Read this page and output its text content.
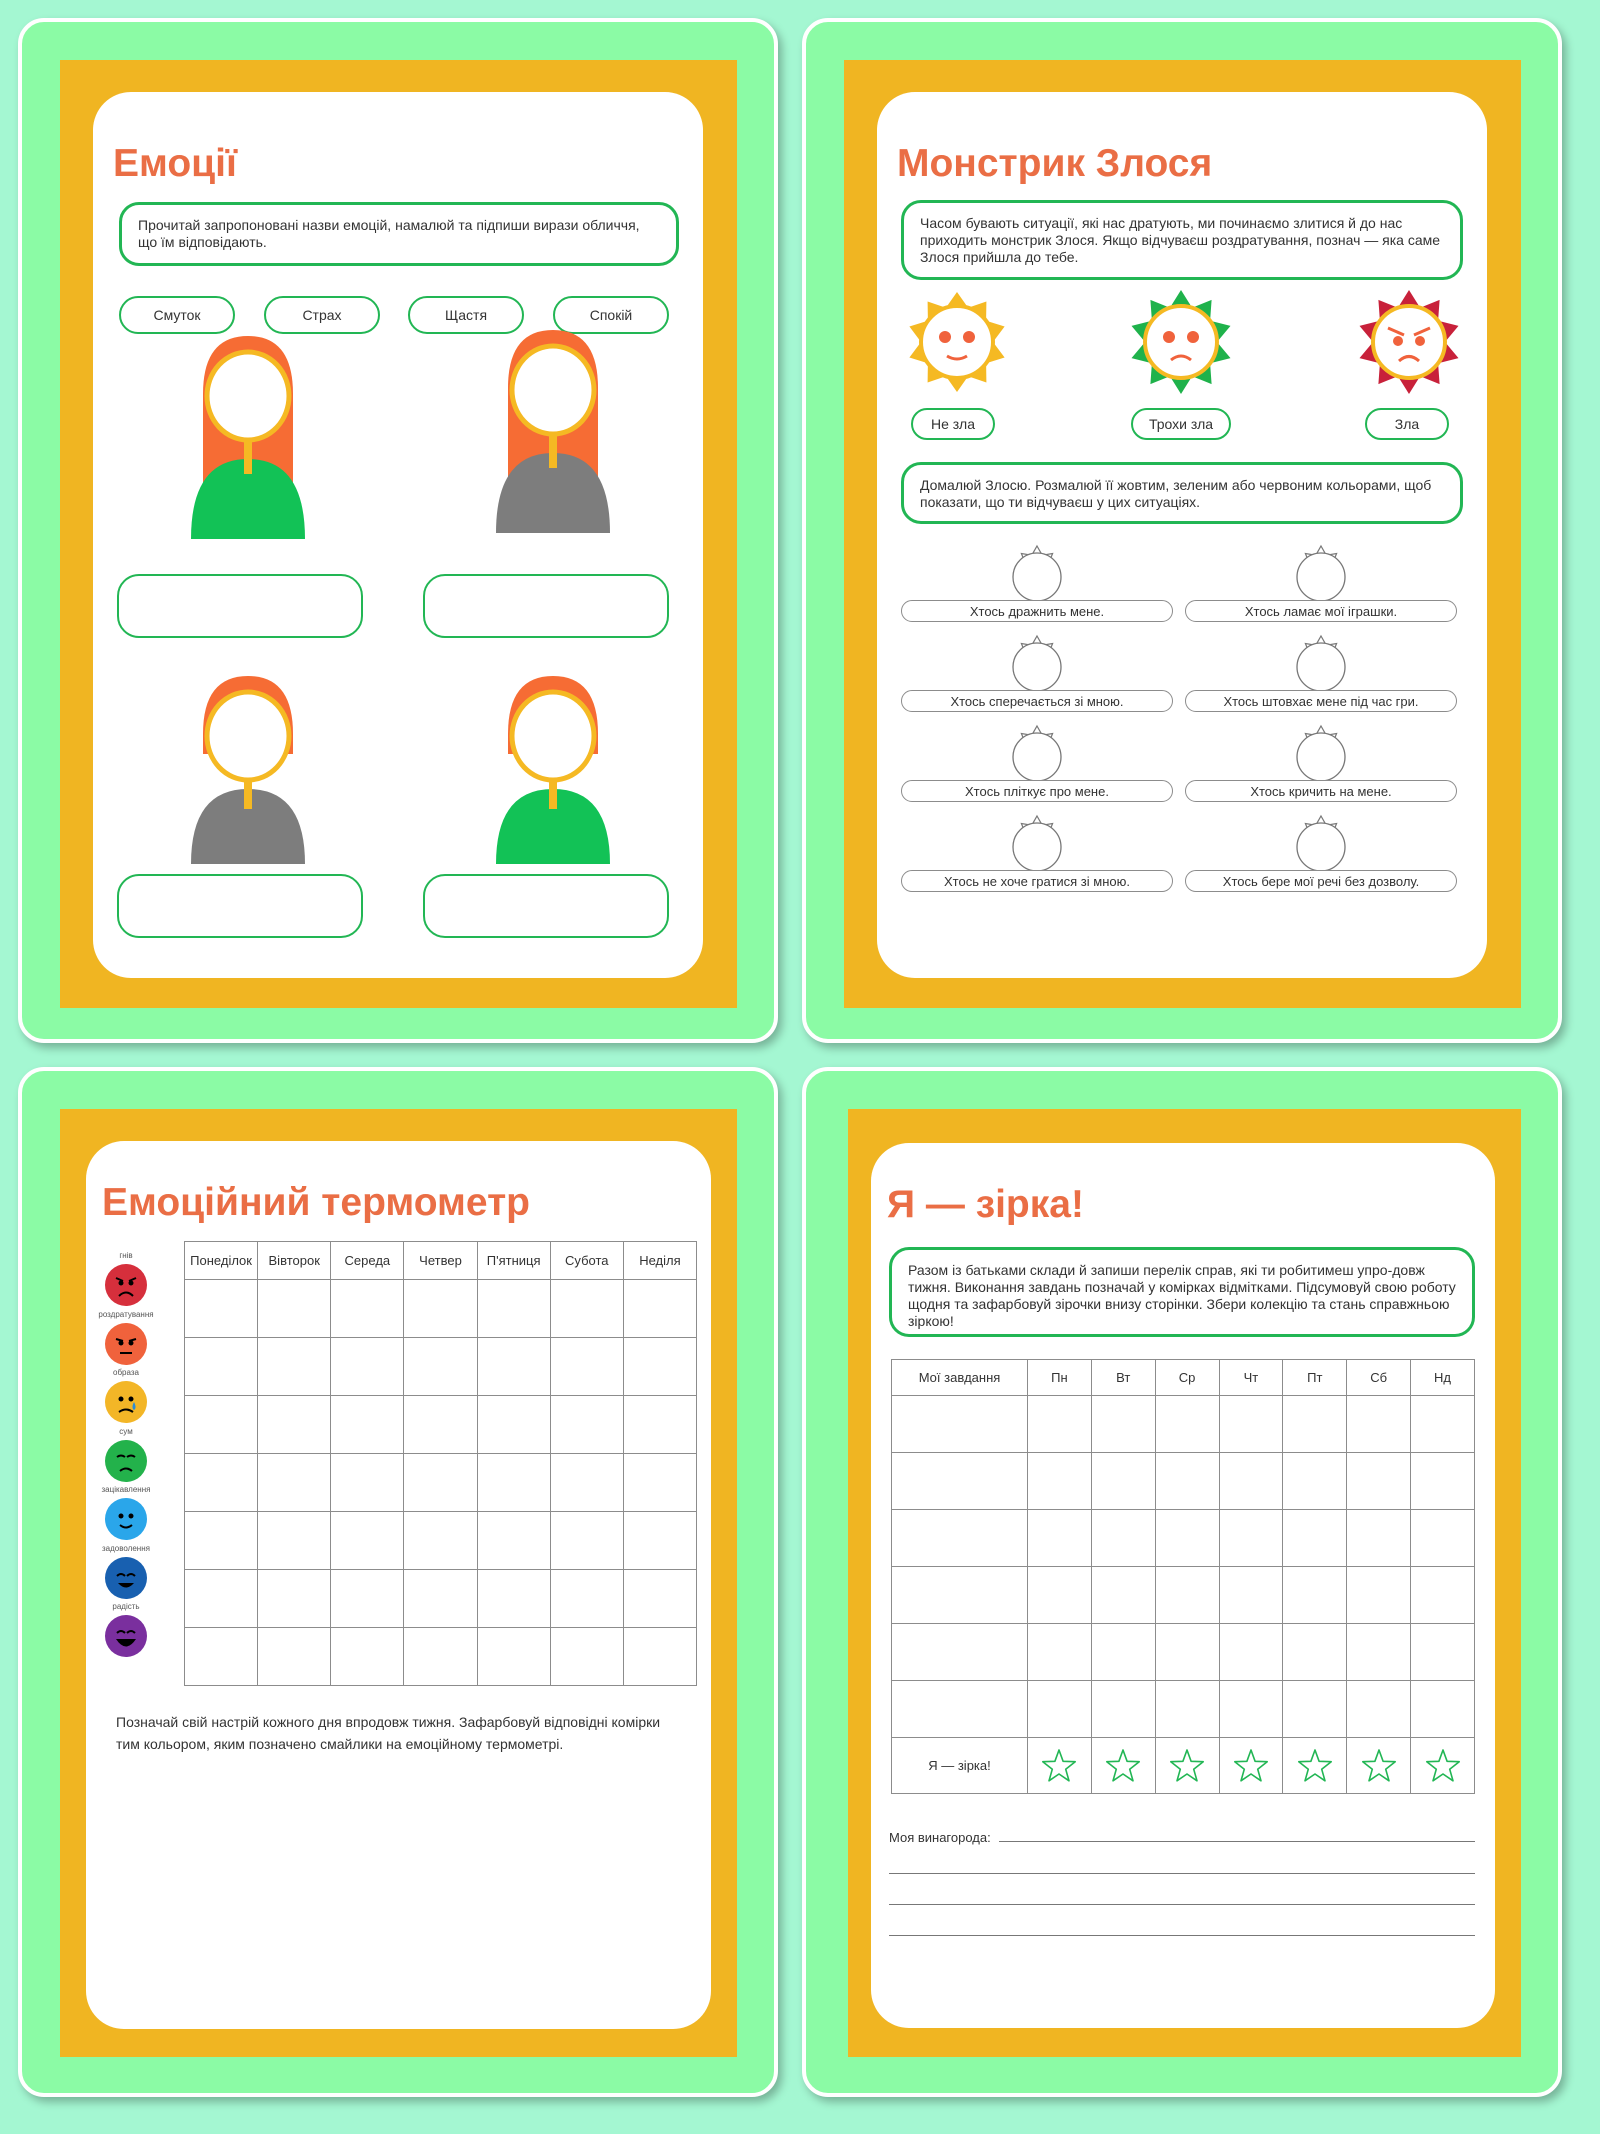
Емоції
Прочитай запропоновані назви емоцій, намалюй та підпиши вирази обличчя, що їм відповідають.
Смуток	Страх	Щастя	Спокій
Монстрик Злося
Часом бувають ситуації, які нас дратують, ми починаємо злитися й до нас приходить монстрик Злося. Якщо відчуваєш роздратування, познач — яка саме Злося прийшла до тебе.
Не зла	Трохи зла	Зла
Домалюй Злосю. Розмалюй її жовтим, зеленим або червоним кольорами, щоб показати, що ти відчуваєш у цих ситуаціях.
Хтось дражнить мене.	Хтось ламає мої іграшки.
Хтось сперечається зі мною.	Хтось штовхає мене під час гри.
Хтось пліткує про мене.	Хтось кричить на мене.
Хтось не хоче гратися зі мною.	Хтось бере мої речі без дозволу.
Емоційний термометр
гнів
роздратування
образа
сум
зацікавлення
задоволення
радість
Понеділок	Вівторок	Середа	Четвер	П'ятниця	Субота	Неділя

Позначай свій настрій кожного дня впродовж тижня. Зафарбовуй відповідні комірки тим кольором, яким позначено смайлики на емоційному термометрі.
Я — зірка!
Разом із батьками склади й запиши перелік справ, які ти робитимеш упро-довж тижня. Виконання завдань позначай у комірках відмітками. Підсумовуй свою роботу щодня та зафарбовуй зірочки внизу сторінки. Збери колекцію та стань справжньою зіркою!
Мої завдання	Пн	Вт	Ср	Чт	Пт	Сб	Нд

Я — зірка!	

Моя винагорода:
